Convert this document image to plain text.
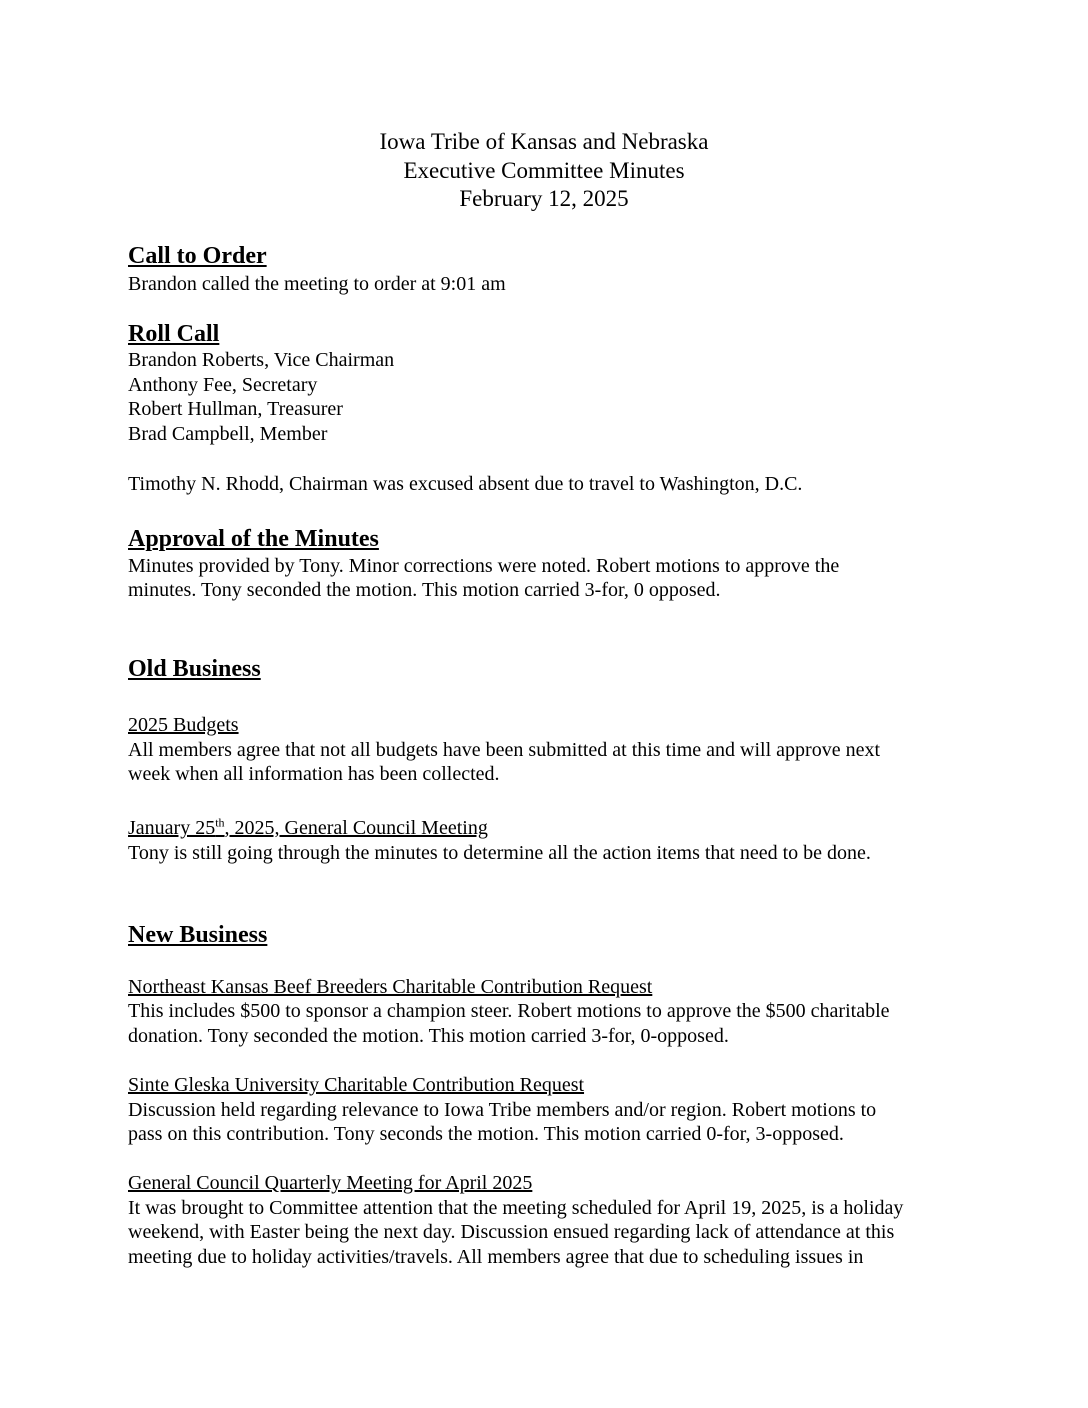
Iowa Tribe of Kansas and Nebraska
Executive Committee Minutes
February 12, 2025
Call to Order
Brandon called the meeting to order at 9:01 am
Roll Call
Brandon Roberts, Vice Chairman
Anthony Fee, Secretary
Robert Hullman, Treasurer
Brad Campbell, Member
Timothy N. Rhodd, Chairman was excused absent due to travel to Washington, D.C.
Approval of the Minutes
Minutes provided by Tony. Minor corrections were noted. Robert motions to approve the
minutes. Tony seconded the motion. This motion carried 3-for, 0 opposed.
Old Business
2025 Budgets
All members agree that not all budgets have been submitted at this time and will approve next
week when all information has been collected.
January 25th, 2025, General Council Meeting
Tony is still going through the minutes to determine all the action items that need to be done.
New Business
Northeast Kansas Beef Breeders Charitable Contribution Request
This includes $500 to sponsor a champion steer. Robert motions to approve the $500 charitable
donation. Tony seconded the motion. This motion carried 3-for, 0-opposed.
Sinte Gleska University Charitable Contribution Request
Discussion held regarding relevance to Iowa Tribe members and/or region. Robert motions to
pass on this contribution. Tony seconds the motion. This motion carried 0-for, 3-opposed.
General Council Quarterly Meeting for April 2025
It was brought to Committee attention that the meeting scheduled for April 19, 2025, is a holiday
weekend, with Easter being the next day. Discussion ensued regarding lack of attendance at this
meeting due to holiday activities/travels. All members agree that due to scheduling issues in
